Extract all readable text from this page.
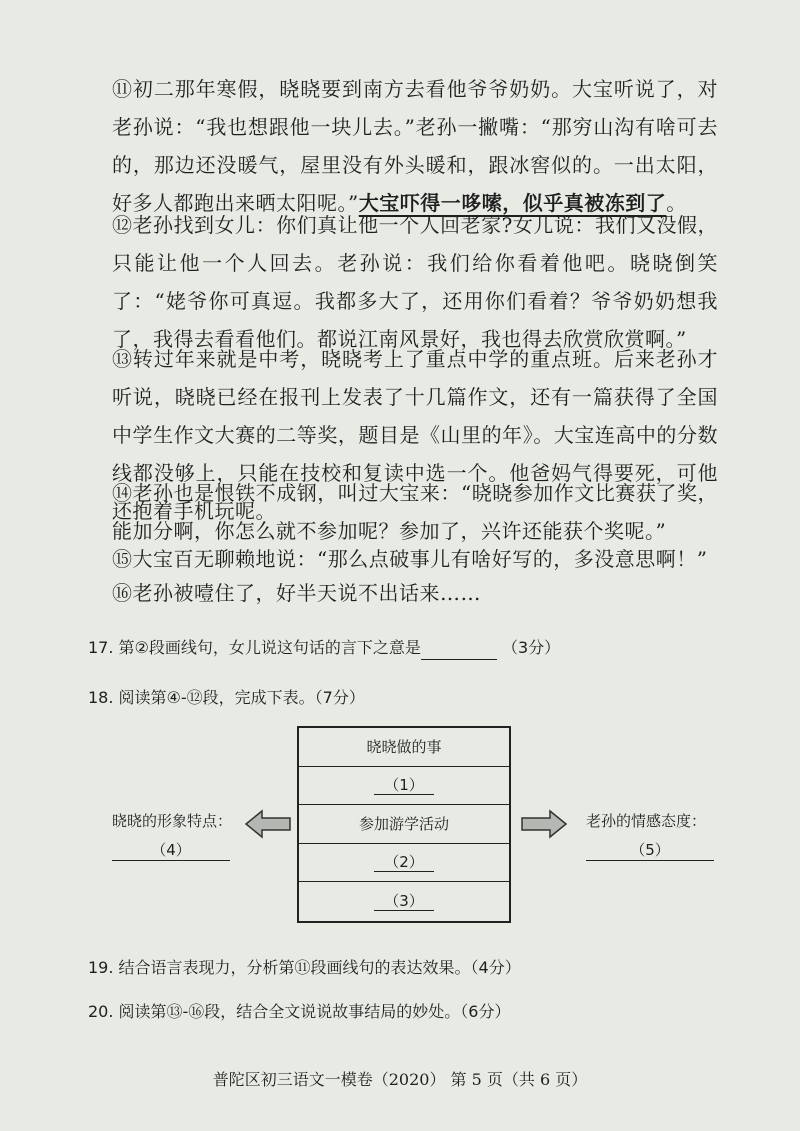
⑪初二那年寒假，晓晓要到南方去看他爷爷奶奶。大宝听说了，对老孙说：“我也想跟他一块儿去。”老孙一撇嘴：“那穷山沟有啥可去的，那边还没暖气，屋里没有外头暖和，跟冰窖似的。一出太阳，好多人都跑出来晒太阳呢。”大宝吓得一哆嗦，似乎真被冻到了。

⑫老孙找到女儿：你们真让他一个人回老家?女儿说：我们又没假，只能让他一个人回去。老孙说：我们给你看着他吧。晓晓倒笑了：“姥爷你可真逗。我都多大了，还用你们看着？爷爷奶奶想我了，我得去看看他们。都说江南风景好，我也得去欣赏欣赏啊。”

⑬转过年来就是中考，晓晓考上了重点中学的重点班。后来老孙才听说，晓晓已经在报刊上发表了十几篇作文，还有一篇获得了全国中学生作文大赛的二等奖，题目是《山里的年》。大宝连高中的分数线都没够上，只能在技校和复读中选一个。他爸妈气得要死，可他还抱着手机玩呢。

⑭老孙也是恨铁不成钢，叫过大宝来：“晓晓参加作文比赛获了奖，能加分啊，你怎么就不参加呢？参加了，兴许还能获个奖呢。”

⑮大宝百无聊赖地说：“那么点破事儿有啥好写的，多没意思啊！”

⑯老孙被噎住了，好半天说不出话来……

17. 第②段画线句，女儿说这句话的言下之意是	（3分）

18. 阅读第④-⑫段，完成下表。（7分）

晓晓做的事
（1）
参加游学活动
（2）
（3）
晓晓的形象特点：
（4）
老孙的情感态度：
（5）

19. 结合语言表现力，分析第⑪段画线句的表达效果。（4分）

20. 阅读第⑬-⑯段，结合全文说说故事结局的妙处。（6分）

普陀区初三语文一模卷（2020） 第 5 页（共 6 页）
